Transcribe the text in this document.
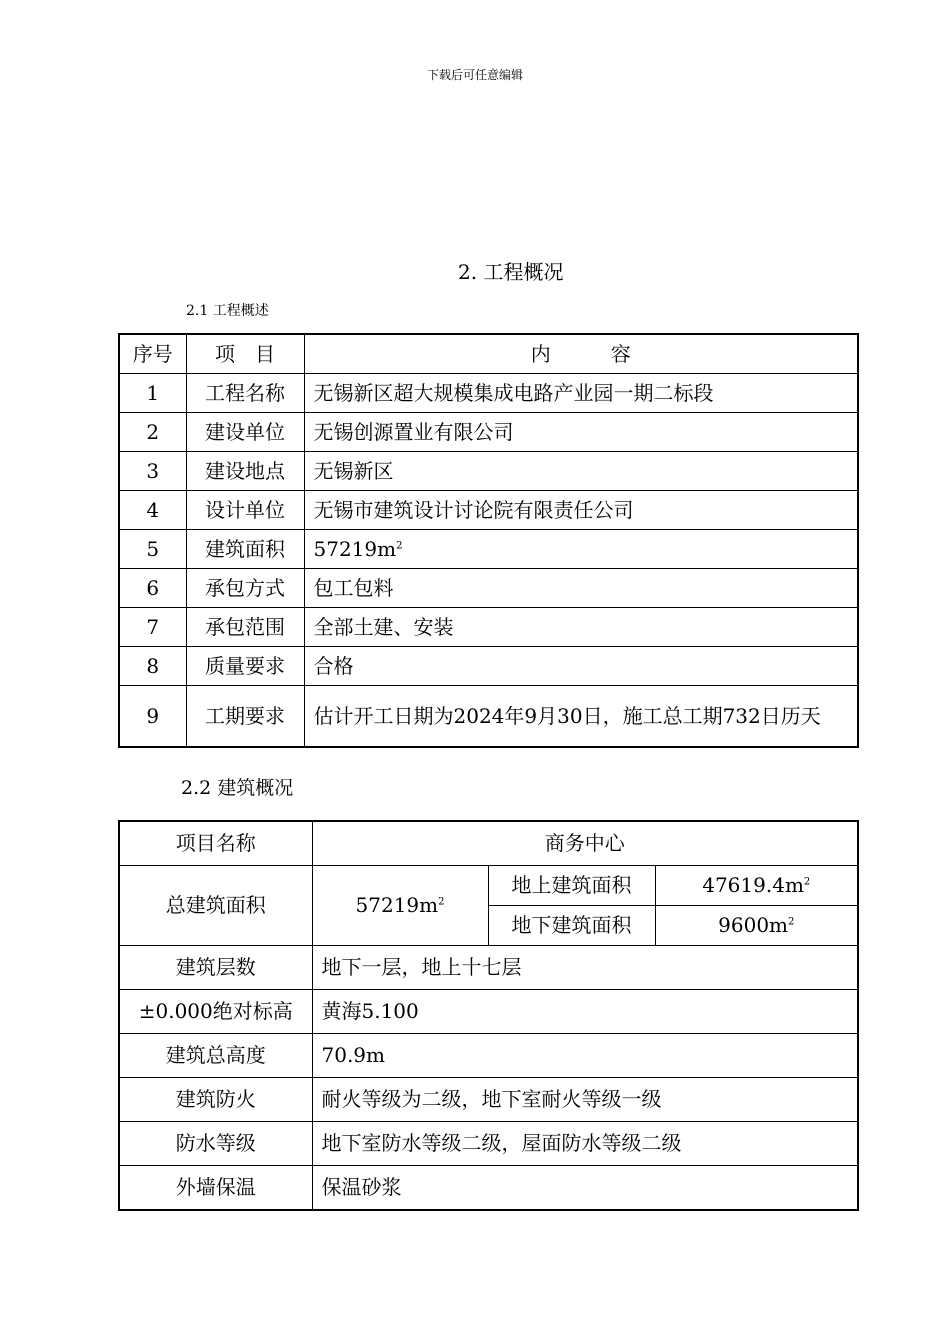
下载后可任意编辑
2. 工程概况
2.1 工程概述
序号	项　目	内　　　容
1	工程名称	无锡新区超大规模集成电路产业园一期二标段
2	建设单位	无锡创源置业有限公司
3	建设地点	无锡新区
4	设计单位	无锡市建筑设计讨论院有限责任公司
5	建筑面积	$57219m^2$
6	承包方式	包工包料
7	承包范围	全部土建、安装
8	质量要求	合格
9	工期要求	估计开工日期为2024年9月30日，施工总工期732日历天
2.2 建筑概况
项目名称	商务中心		
总建筑面积	$57219m^2$	地上建筑面积	$47619.4m^2$
		地下建筑面积	$9600m^2$
建筑层数	地下一层，地上十七层		
±0.000绝对标高	黄海5.100		
建筑总高度	70.9m		
建筑防火	耐火等级为二级，地下室耐火等级一级		
防水等级	地下室防水等级二级，屋面防水等级二级		
外墙保温	保温砂浆		
